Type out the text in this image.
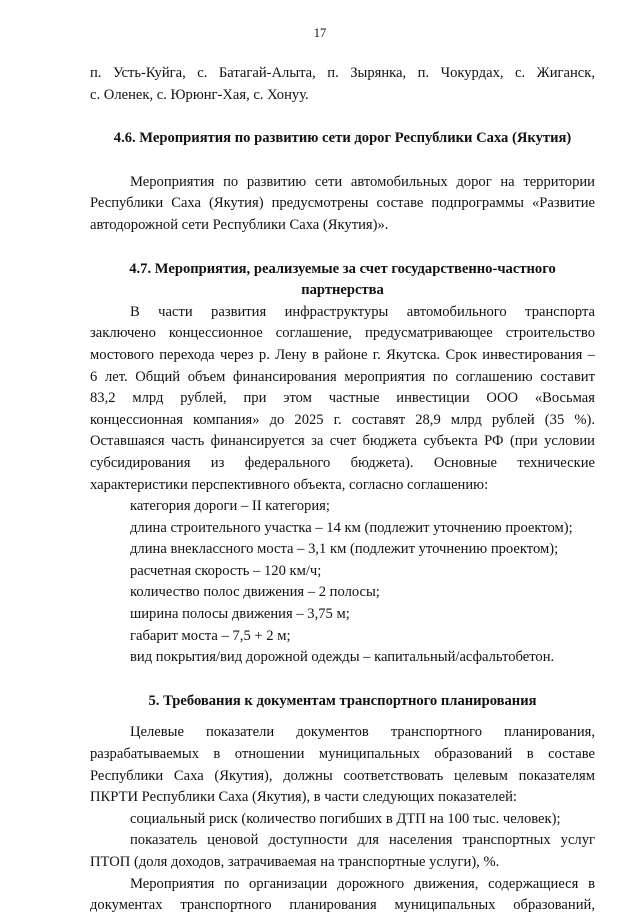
17

п. Усть-Куйга, с. Батагай-Алыта, п. Зырянка, п. Чокурдах, с. Жиганск,

с. Оленек, с. Юрюнг-Хая, с. Хонуу.

4.6. Мероприятия по развитию сети дорог Республики Саха (Якутия)

Мероприятия по развитию сети автомобильных дорог на территории

Республики Саха (Якутия) предусмотрены составе подпрограммы «Развитие

автодорожной сети Республики Саха (Якутия)».

4.7. Мероприятия, реализуемые за счет государственно-частного

партнерства

В части развития инфраструктуры автомобильного транспорта

заключено концессионное соглашение, предусматривающее строительство

мостового перехода через р. Лену в районе г. Якутска. Срок инвестирования –

6 лет. Общий объем финансирования мероприятия по соглашению составит

83,2 млрд рублей, при этом частные инвестиции ООО «Восьмая

концессионная компания» до 2025 г. составят 28,9 млрд рублей (35 %).

Оставшаяся часть финансируется за счет бюджета субъекта РФ (при условии

субсидирования из федерального бюджета). Основные технические

характеристики перспективного объекта, согласно соглашению:

категория дороги – II категория;

длина строительного участка – 14 км (подлежит уточнению проектом);

длина внеклассного моста – 3,1 км (подлежит уточнению проектом);

расчетная скорость – 120 км/ч;

количество полос движения – 2 полосы;

ширина полосы движения – 3,75 м;

габарит моста – 7,5 + 2 м;

вид покрытия/вид дорожной одежды – капитальный/асфальтобетон.

5. Требования к документам транспортного планирования

Целевые показатели документов транспортного планирования,

разрабатываемых в отношении муниципальных образований в составе

Республики Саха (Якутия), должны соответствовать целевым показателям

ПКРТИ Республики Саха (Якутия), в части следующих показателей:

социальный риск (количество погибших в ДТП на 100 тыс. человек);

показатель ценовой доступности для населения транспортных услуг

ПТОП (доля доходов, затрачиваемая на транспортные услуги), %.

Мероприятия по организации дорожного движения, содержащиеся в

документах транспортного планирования муниципальных образований,
